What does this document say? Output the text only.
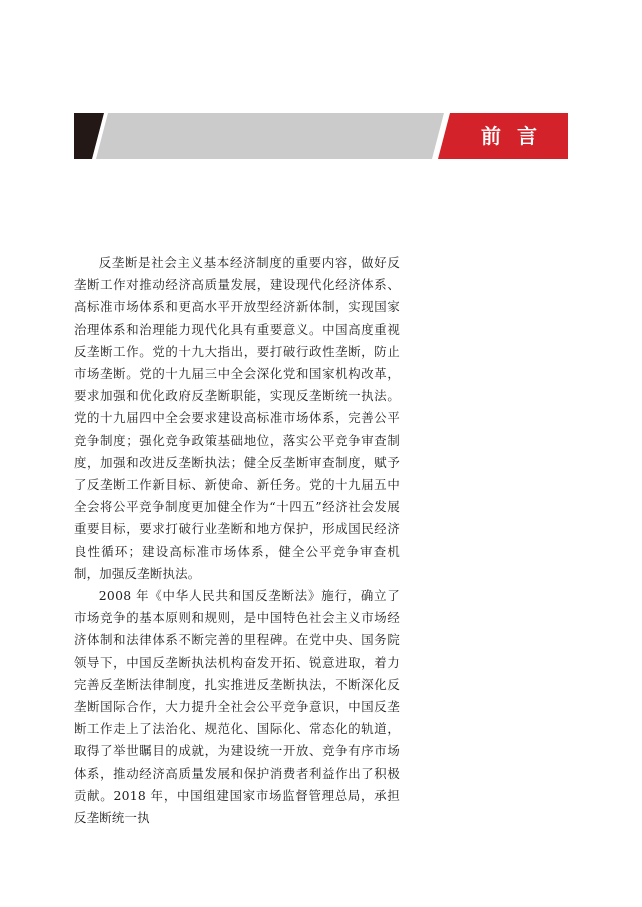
前言

反垄断是社会主义基本经济制度的重要内容，做好反垄断工作对推动经济高质量发展，建设现代化经济体系、高标准市场体系和更高水平开放型经济新体制，实现国家治理体系和治理能力现代化具有重要意义。中国高度重视反垄断工作。党的十九大指出，要打破行政性垄断，防止市场垄断。党的十九届三中全会深化党和国家机构改革，要求加强和优化政府反垄断职能，实现反垄断统一执法。党的十九届四中全会要求建设高标准市场体系，完善公平竞争制度；强化竞争政策基础地位，落实公平竞争审查制度，加强和改进反垄断执法；健全反垄断审查制度，赋予了反垄断工作新目标、新使命、新任务。党的十九届五中全会将公平竞争制度更加健全作为“十四五”经济社会发展重要目标，要求打破行业垄断和地方保护，形成国民经济良性循环；建设高标准市场体系，健全公平竞争审查机制，加强反垄断执法。

2008 年《中华人民共和国反垄断法》施行，确立了市场竞争的基本原则和规则，是中国特色社会主义市场经济体制和法律体系不断完善的里程碑。在党中央、国务院领导下，中国反垄断执法机构奋发开拓、锐意进取，着力完善反垄断法律制度，扎实推进反垄断执法，不断深化反垄断国际合作，大力提升全社会公平竞争意识，中国反垄断工作走上了法治化、规范化、国际化、常态化的轨道，取得了举世瞩目的成就，为建设统一开放、竞争有序市场体系，推动经济高质量发展和保护消费者利益作出了积极贡献。2018 年，中国组建国家市场监督管理总局，承担反垄断统一执
